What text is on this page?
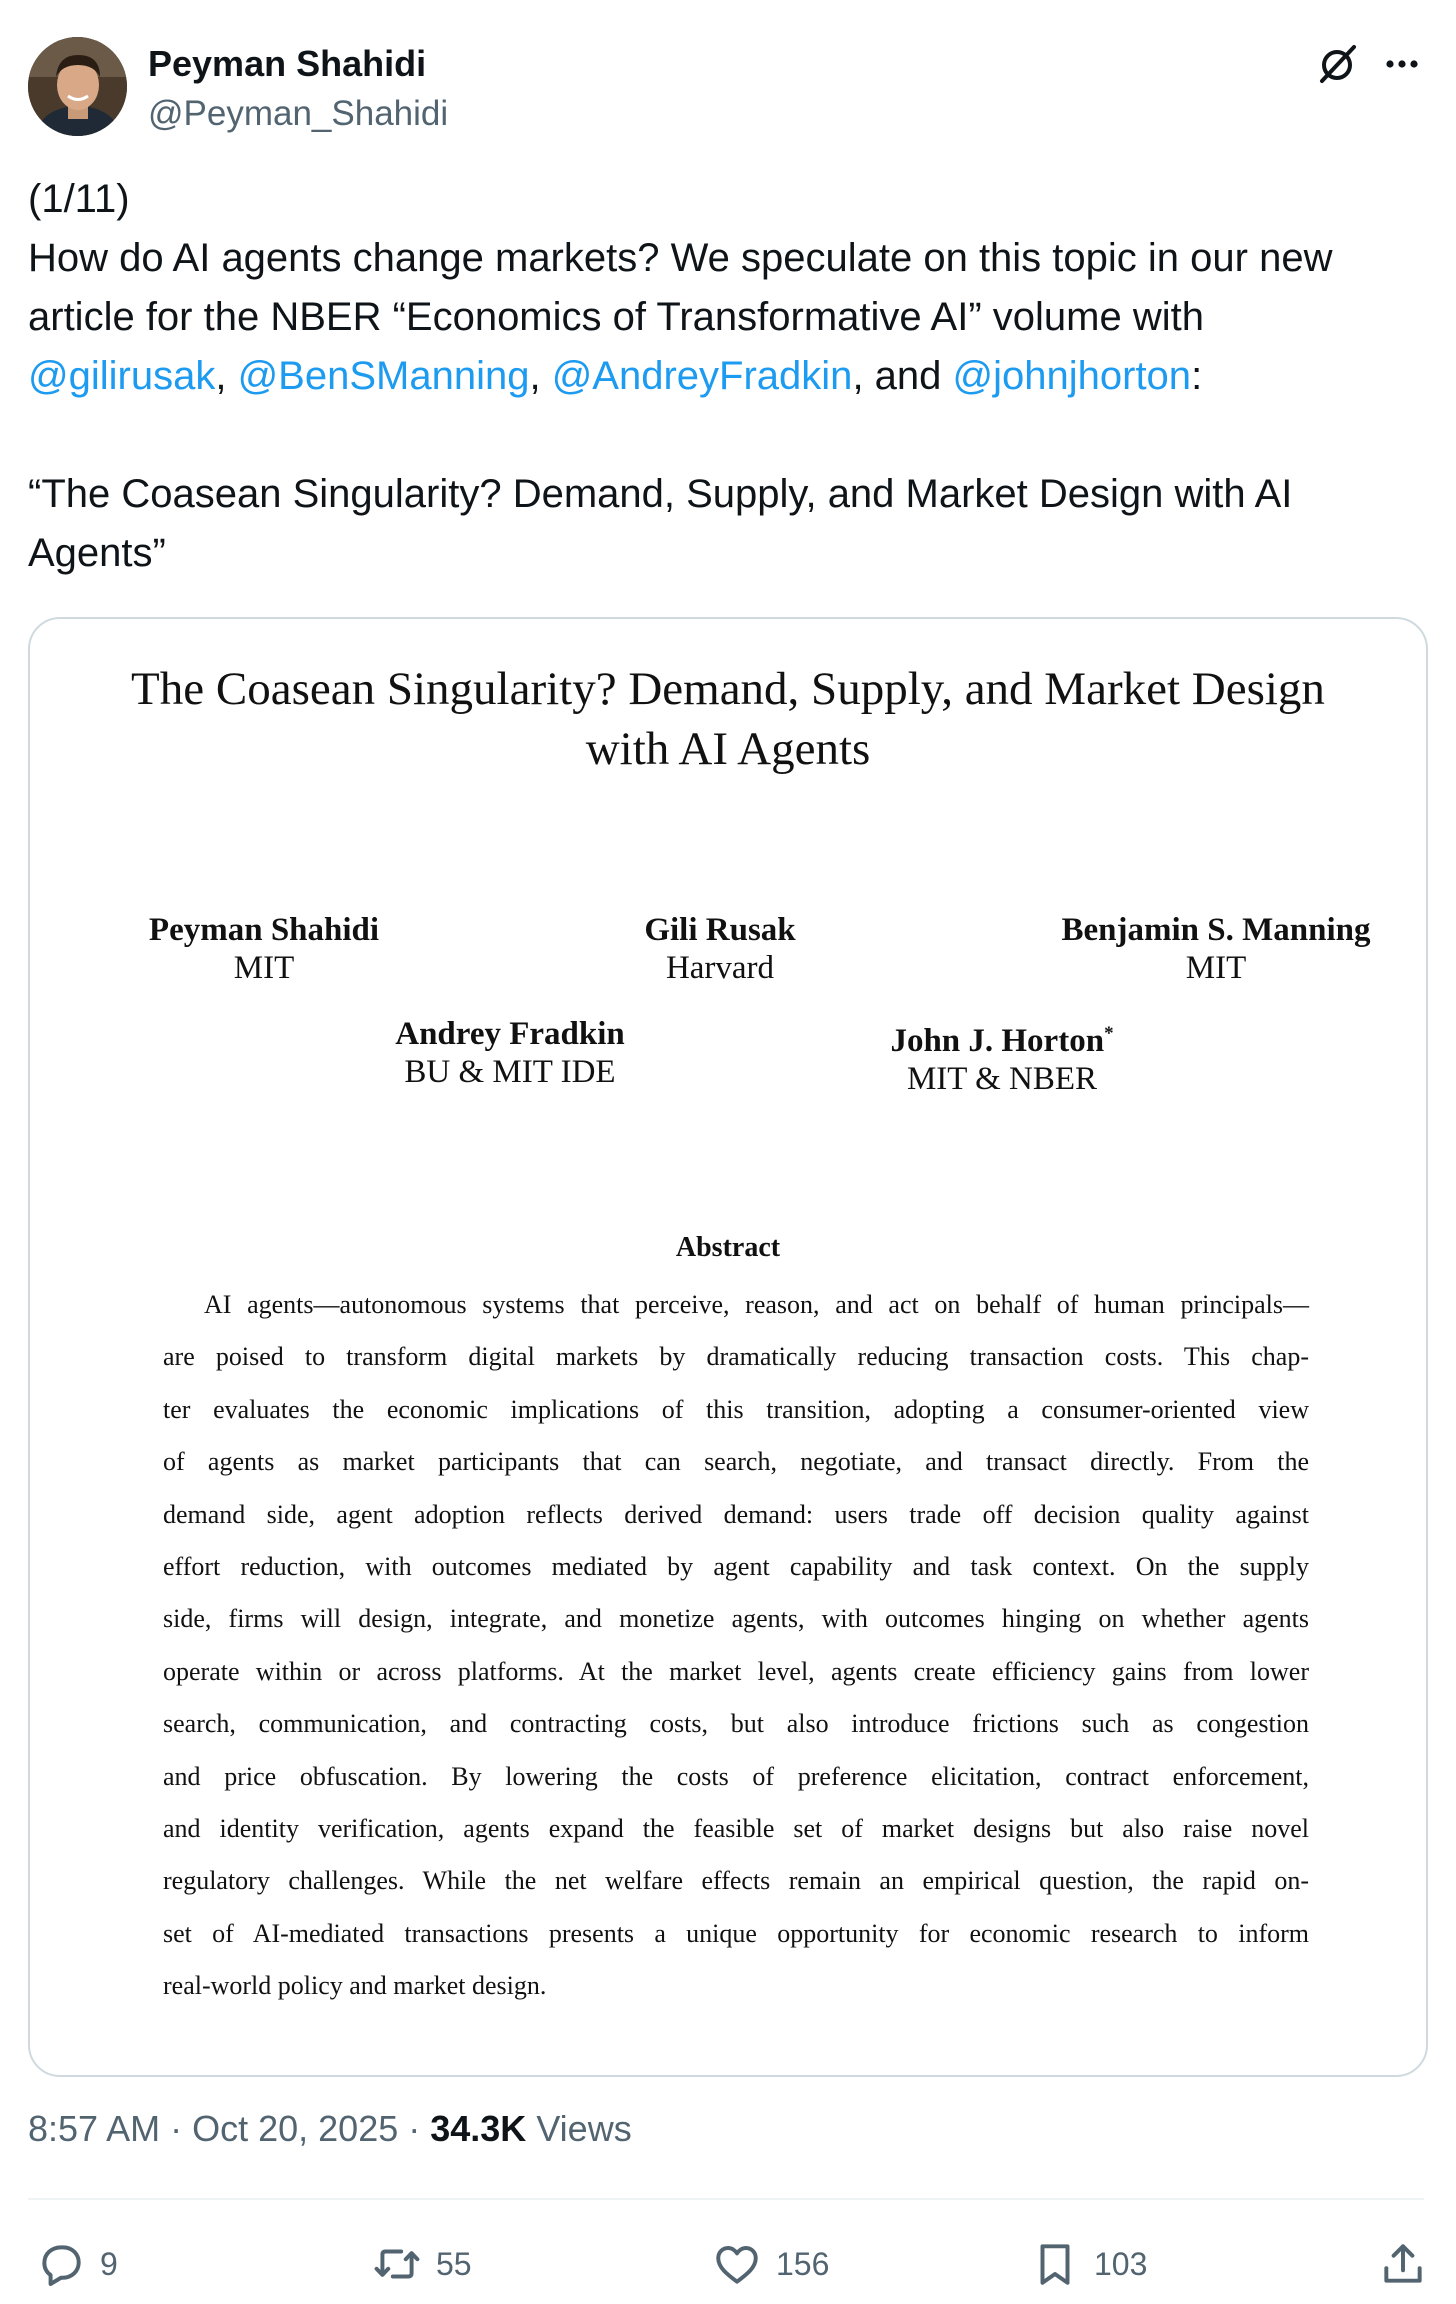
Peyman Shahidi
@Peyman_Shahidi
(1/11)
How do AI agents change markets? We speculate on this topic in our new
article for the NBER “Economics of Transformative AI” volume with
@gilirusak, @BenSManning, @AndreyFradkin, and @johnjhorton:
“The Coasean Singularity? Demand, Supply, and Market Design with AI
Agents”
The Coasean Singularity? Demand, Supply, and Market Design
with AI Agents
Peyman Shahidi
MIT
Gili Rusak
Harvard
Benjamin S. Manning
MIT
Andrey Fradkin
BU & MIT IDE
John J. Horton*
MIT & NBER
Abstract
AI agents—autonomous systems that perceive, reason, and act on behalf of human principals—
are poised to transform digital markets by dramatically reducing transaction costs. This chap-
ter evaluates the economic implications of this transition, adopting a consumer-oriented view
of agents as market participants that can search, negotiate, and transact directly. From the
demand side, agent adoption reflects derived demand: users trade off decision quality against
effort reduction, with outcomes mediated by agent capability and task context. On the supply
side, firms will design, integrate, and monetize agents, with outcomes hinging on whether agents
operate within or across platforms. At the market level, agents create efficiency gains from lower
search, communication, and contracting costs, but also introduce frictions such as congestion
and price obfuscation. By lowering the costs of preference elicitation, contract enforcement,
and identity verification, agents expand the feasible set of market designs but also raise novel
regulatory challenges. While the net welfare effects remain an empirical question, the rapid on-
set of AI-mediated transactions presents a unique opportunity for economic research to inform
real-world policy and market design.
8:57 AM · Oct 20, 2025 · 34.3K Views
9	55	156	103
